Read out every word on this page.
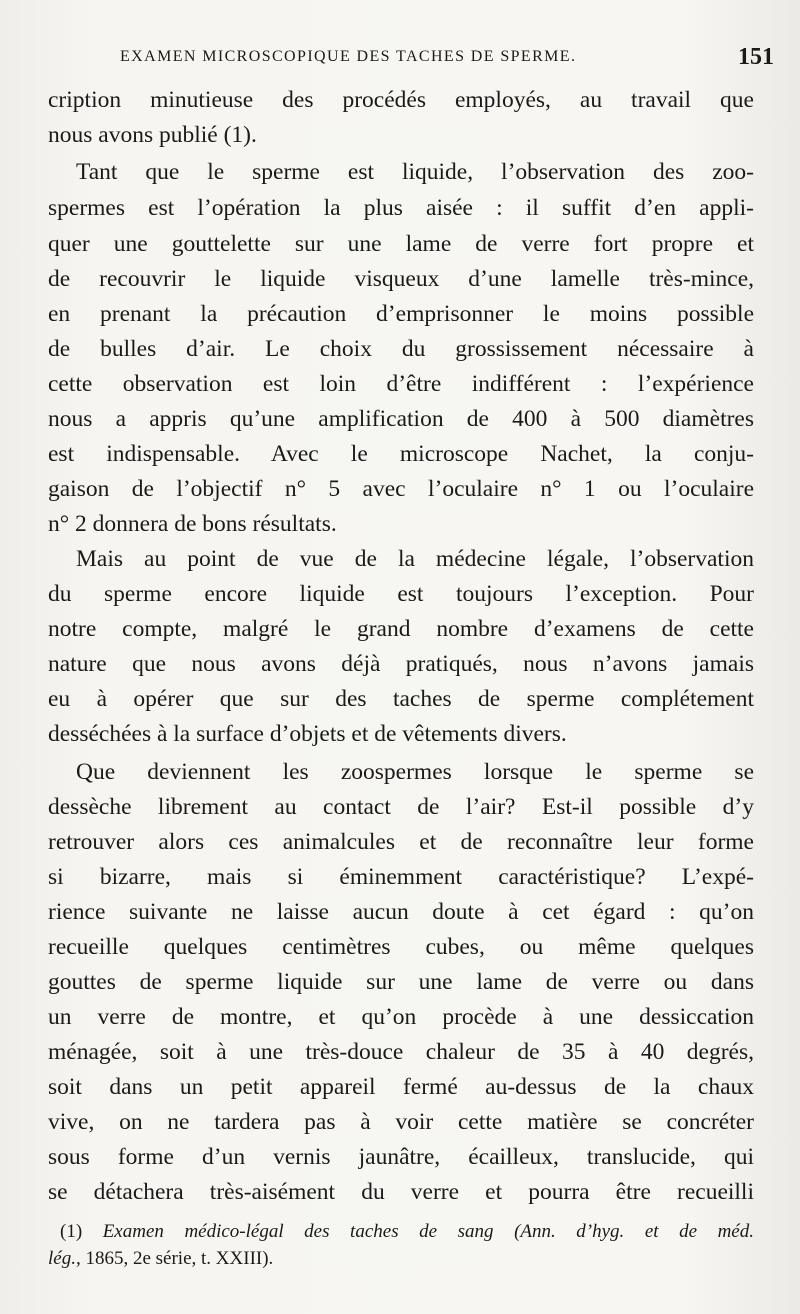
EXAMEN MICROSCOPIQUE DES TACHES DE SPERME.	151
cription minutieuse des procédés employés, au travail que
nous avons publié (1).
Tant que le sperme est liquide, l’observation des zoo-
spermes est l’opération la plus aisée : il suffit d’en appli-
quer une gouttelette sur une lame de verre fort propre et
de recouvrir le liquide visqueux d’une lamelle très-mince,
en prenant la précaution d’emprisonner le moins possible
de bulles d’air. Le choix du grossissement nécessaire à
cette observation est loin d’être indifférent : l’expérience
nous a appris qu’une amplification de 400 à 500 diamètres
est indispensable. Avec le microscope Nachet, la conju-
gaison de l’objectif n° 5 avec l’oculaire n° 1 ou l’oculaire
n° 2 donnera de bons résultats.
Mais au point de vue de la médecine légale, l’observation
du sperme encore liquide est toujours l’exception. Pour
notre compte, malgré le grand nombre d’examens de cette
nature que nous avons déjà pratiqués, nous n’avons jamais
eu à opérer que sur des taches de sperme complétement
desséchées à la surface d’objets et de vêtements divers.
Que deviennent les zoospermes lorsque le sperme se
dessèche librement au contact de l’air? Est-il possible d’y
retrouver alors ces animalcules et de reconnaître leur forme
si bizarre, mais si éminemment caractéristique? L’expé-
rience suivante ne laisse aucun doute à cet égard : qu’on
recueille quelques centimètres cubes, ou même quelques
gouttes de sperme liquide sur une lame de verre ou dans
un verre de montre, et qu’on procède à une dessiccation
ménagée, soit à une très-douce chaleur de 35 à 40 degrés,
soit dans un petit appareil fermé au-dessus de la chaux
vive, on ne tardera pas à voir cette matière se concréter
sous forme d’un vernis jaunâtre, écailleux, translucide, qui
se détachera très-aisément du verre et pourra être recueilli
(1) Examen médico-légal des taches de sang (Ann. d’hyg. et de méd.
lég., 1865, 2e série, t. XXIII).
